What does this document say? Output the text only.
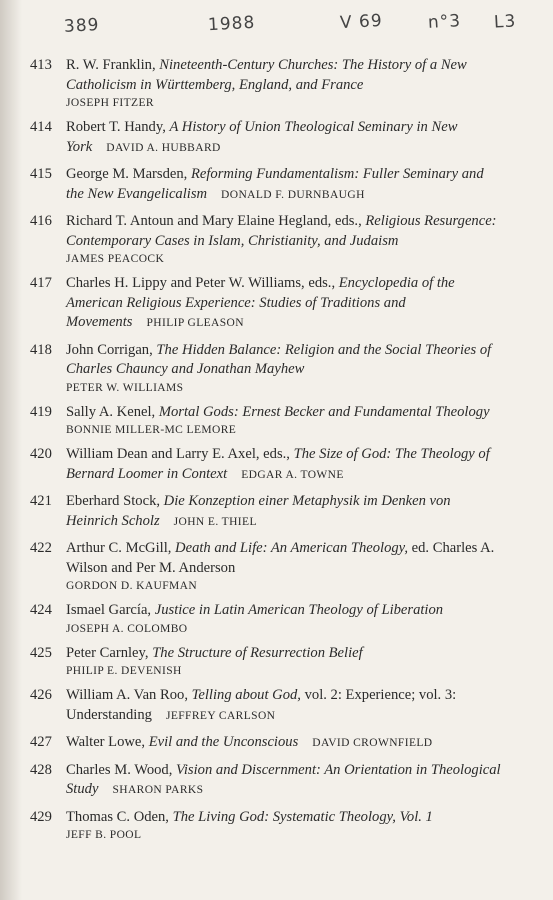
389	1988	V 69	n°3 L3
413 R. W. Franklin, Nineteenth-Century Churches: The History of a New Catholicism in Württemberg, England, and France
JOSEPH FITZER
414 Robert T. Handy, A History of Union Theological Seminary in New York DAVID A. HUBBARD
415 George M. Marsden, Reforming Fundamentalism: Fuller Seminary and the New Evangelicalism DONALD F. DURNBAUGH
416 Richard T. Antoun and Mary Elaine Hegland, eds., Religious Resurgence: Contemporary Cases in Islam, Christianity, and Judaism
JAMES PEACOCK
417 Charles H. Lippy and Peter W. Williams, eds., Encyclopedia of the American Religious Experience: Studies of Traditions and Movements PHILIP GLEASON
418 John Corrigan, The Hidden Balance: Religion and the Social Theories of Charles Chauncy and Jonathan Mayhew
PETER W. WILLIAMS
419 Sally A. Kenel, Mortal Gods: Ernest Becker and Fundamental Theology
BONNIE MILLER-MC LEMORE
420 William Dean and Larry E. Axel, eds., The Size of God: The Theology of Bernard Loomer in Context EDGAR A. TOWNE
421 Eberhard Stock, Die Konzeption einer Metaphysik im Denken von Heinrich Scholz JOHN E. THIEL
422 Arthur C. McGill, Death and Life: An American Theology, ed. Charles A. Wilson and Per M. Anderson
GORDON D. KAUFMAN
424 Ismael García, Justice in Latin American Theology of Liberation
JOSEPH A. COLOMBO
425 Peter Carnley, The Structure of Resurrection Belief
PHILIP E. DEVENISH
426 William A. Van Roo, Telling about God, vol. 2: Experience; vol. 3: Understanding JEFFREY CARLSON
427 Walter Lowe, Evil and the Unconscious DAVID CROWNFIELD
428 Charles M. Wood, Vision and Discernment: An Orientation in Theological Study SHARON PARKS
429 Thomas C. Oden, The Living God: Systematic Theology, Vol. 1
JEFF B. POOL
